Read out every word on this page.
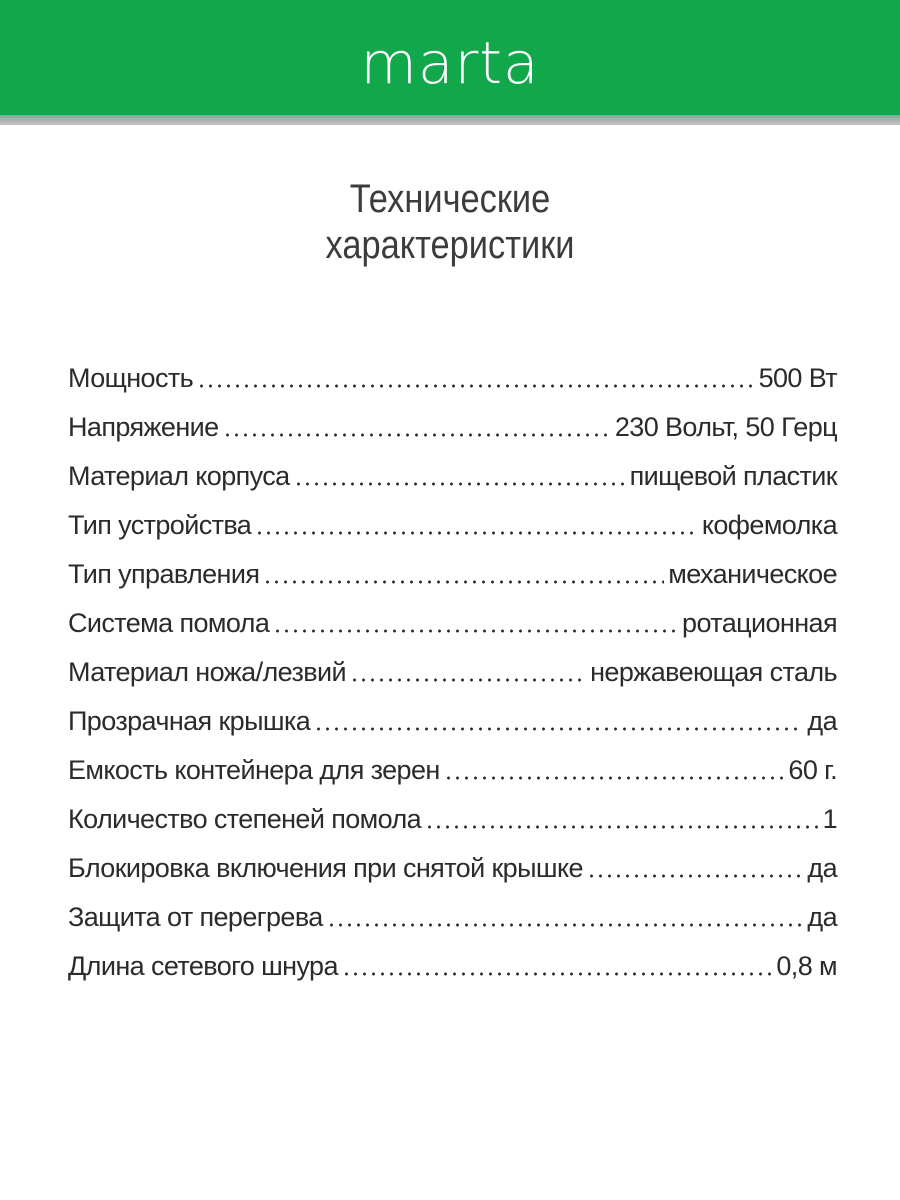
marta
Технические
характеристики
Мощность	500 Вт
Напряжение	230 Вольт, 50 Герц
Материал корпуса	пищевой пластик
Тип устройства	кофемолка
Тип управления	механическое
Система помола	ротационная
Материал ножа/лезвий	нержавеющая сталь
Прозрачная крышка	да
Емкость контейнера для зерен	60 г.
Количество степеней помола	1
Блокировка включения при снятой крышке	да
Защита от перегрева	да
Длина сетевого шнура	0,8 м
